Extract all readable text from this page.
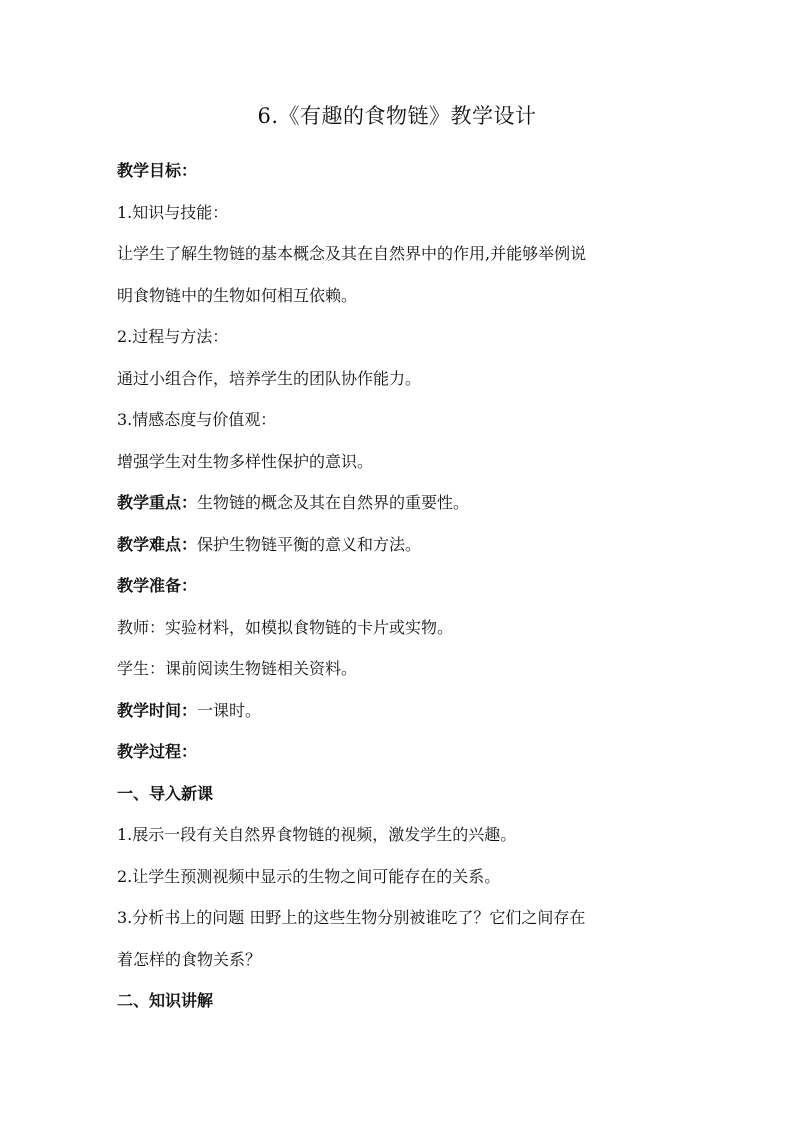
6.《有趣的食物链》教学设计
教学目标：
1.知识与技能：
让学生了解生物链的基本概念及其在自然界中的作用,并能够举例说
明食物链中的生物如何相互依赖。
2.过程与方法：
通过小组合作，培养学生的团队协作能力。
3.情感态度与价值观：
增强学生对生物多样性保护的意识。
教学重点：生物链的概念及其在自然界的重要性。
教学难点：保护生物链平衡的意义和方法。
教学准备：
教师：实验材料，如模拟食物链的卡片或实物。
学生：课前阅读生物链相关资料。
教学时间：一课时。
教学过程：
一、导入新课
1.展示一段有关自然界食物链的视频，激发学生的兴趣。
2.让学生预测视频中显示的生物之间可能存在的关系。
3.分析书上的问题 田野上的这些生物分别被谁吃了？它们之间存在
着怎样的食物关系？
二、知识讲解
